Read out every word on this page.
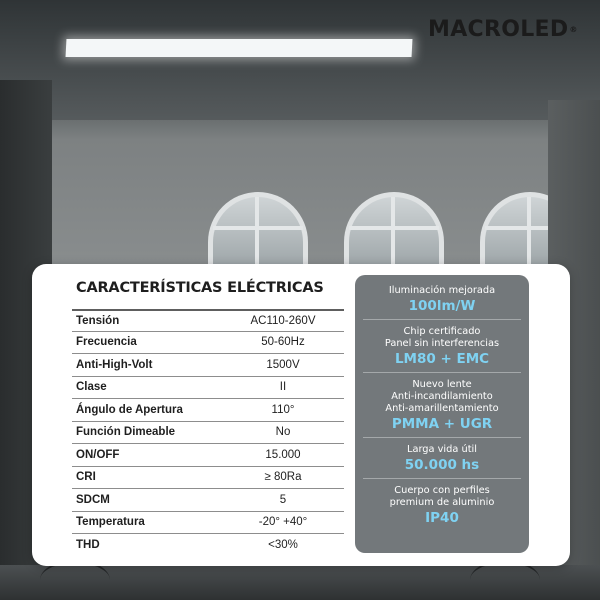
MACROLED®
CARACTERÍSTICAS ELÉCTRICAS
Tensión	AC110-260V
Frecuencia	50-60Hz
Anti-High-Volt	1500V
Clase	II
Ángulo de Apertura	110°
Función Dimeable	No
ON/OFF	15.000
CRI	≥ 80Ra
SDCM	5
Temperatura	-20° +40°
THD	<30%
Iluminación mejorada
100lm/W
Chip certificado
Panel sin interferencias
LM80 + EMC
Nuevo lente
Anti-incandilamiento
Anti-amarillentamiento
PMMA + UGR
Larga vida útil
50.000 hs
Cuerpo con perfiles
premium de aluminio
IP40
